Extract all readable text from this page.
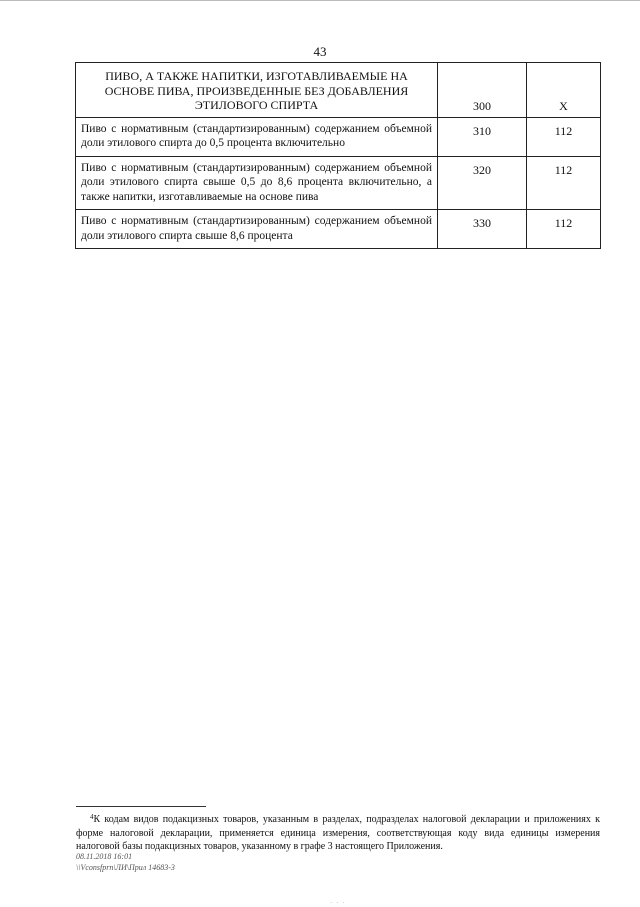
43
ПИВО, А ТАКЖЕ НАПИТКИ, ИЗГОТАВЛИВАЕМЫЕ НА ОСНОВЕ ПИВА, ПРОИЗВЕДЕННЫЕ БЕЗ ДОБАВЛЕНИЯ ЭТИЛОВОГО СПИРТА	300	Х
Пиво с нормативным (стандартизированным) содержанием объемной доли этилового спирта до 0,5 процента включительно	310	112
Пиво с нормативным (стандартизированным) содержанием объемной доли этилового спирта свыше 0,5 до 8,6 процента включительно, а также напитки, изготавливаемые на основе пива	320	112
Пиво с нормативным (стандартизированным) содержанием объемной доли этилового спирта свыше 8,6 процента	330	112
$^4$К кодам видов подакцизных товаров, указанным в разделах, подразделах налоговой декларации и приложениях к форме налоговой декларации, применяется единица измерения, соответствующая коду вида единицы измерения налоговой базы подакцизных товаров, указанному в графе 3 настоящего Приложения.
08.11.2018 16:01
\\Vconsfprn\ЛИ\Прил 14683-3
· · ·
